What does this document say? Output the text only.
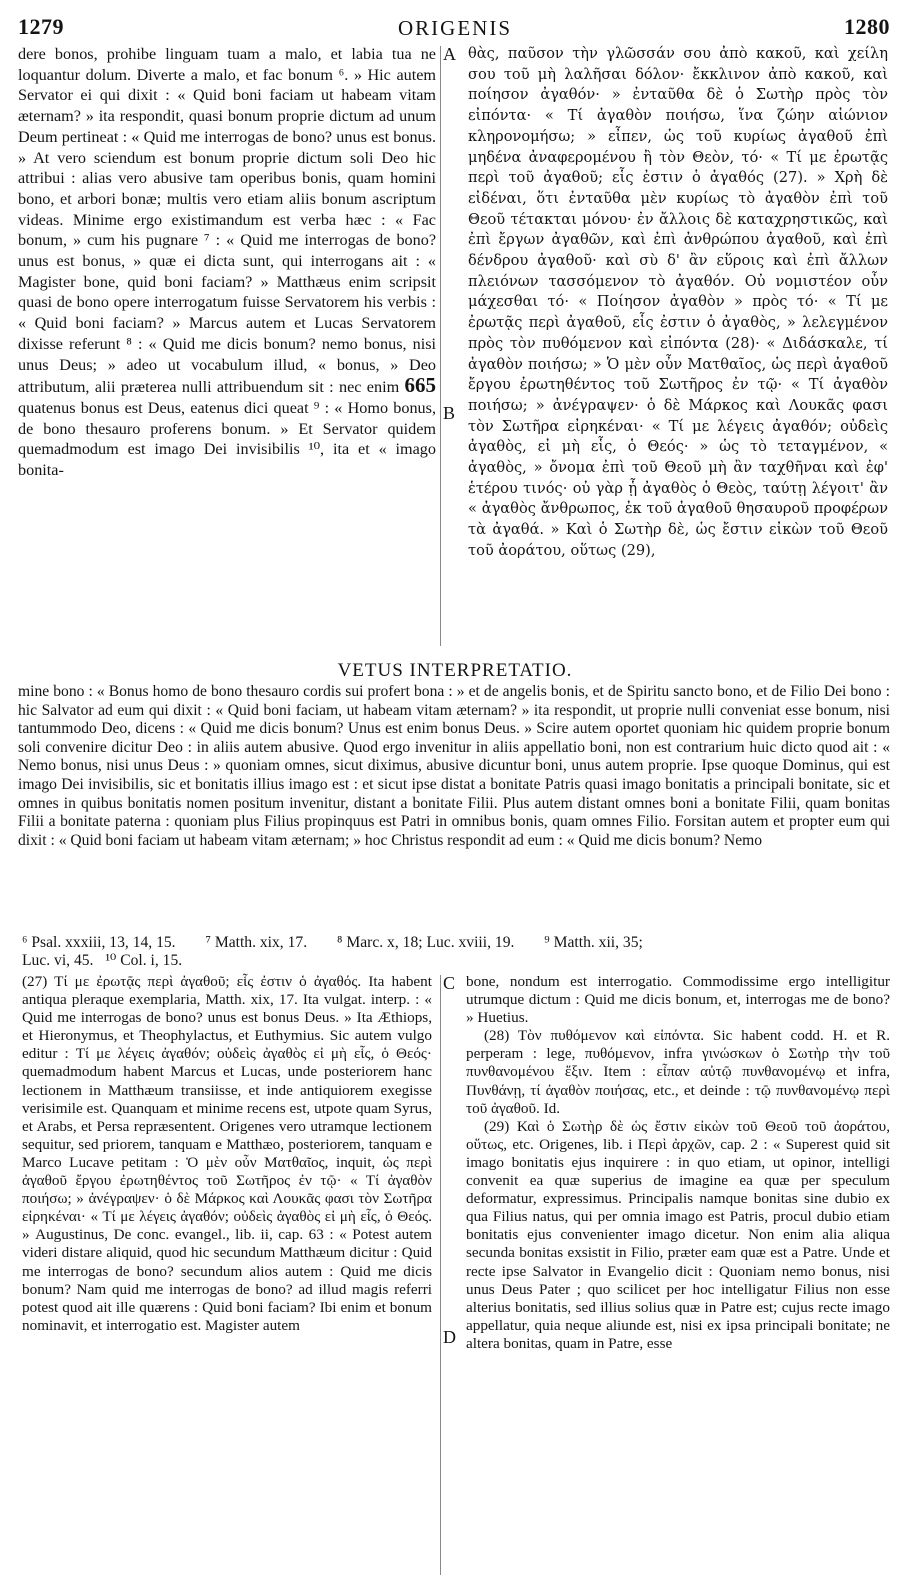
1279	ORIGENIS	1280
A
B

dere bonos, prohibe linguam tuam a malo, et labia tua ne loquantur dolum. Diverte a malo, et fac bonum ⁶. » Hic autem Servator ei qui dixit : « Quid boni faciam ut habeam vitam æternam? » ita respondit, quasi bonum proprie dictum ad unum Deum pertineat : « Quid me interrogas de bono? unus est bonus. » At vero sciendum est bonum proprie dictum soli Deo hic attribui : alias vero abusive tam operibus bonis, quam homini bono, et arbori bonæ; multis vero etiam aliis bonum ascriptum videas. Minime ergo existimandum est verba hæc : « Fac bonum, » cum his pugnare ⁷ : « Quid me interrogas de bono? unus est bonus, » quæ ei dicta sunt, qui interrogans ait : « Magister bone, quid boni faciam? » Matthæus enim scripsit quasi de bono opere interrogatum fuisse Servatorem his verbis : « Quid boni faciam? » Marcus autem et Lucas Servatorem dixisse referunt ⁸ : « Quid me dicis bonum? nemo bonus, nisi unus Deus; » adeo ut vocabulum illud, « bonus, » Deo attributum, alii præterea nulli attribuendum sit : nec enim 665 quatenus bonus est Deus, eatenus dici queat ⁹ : « Homo bonus, de bono thesauro proferens bonum. » Et Servator quidem quemadmodum est imago Dei invisibilis ¹⁰, ita et « imago bonita-

θὰς, παῦσον τὴν γλῶσσάν σου ἀπὸ κακοῦ, καὶ χείλη σου τοῦ μὴ λαλῆσαι δόλον· ἔκκλινον ἀπὸ κακοῦ, καὶ ποίησον ἀγαθόν· » ἐνταῦθα δὲ ὁ Σωτὴρ πρὸς τὸν εἰπόντα· « Τί ἀγαθὸν ποιήσω, ἵνα ζώην αἰώνιον κληρονομήσω; » εἶπεν, ὡς τοῦ κυρίως ἀγαθοῦ ἐπὶ μηδένα ἀναφερομένου ἢ τὸν Θεὸν, τό· « Τί με ἐρωτᾷς περὶ τοῦ ἀγαθοῦ; εἷς ἐστιν ὁ ἀγαθός (27). » Χρὴ δὲ εἰδέναι, ὅτι ἐνταῦθα μὲν κυρίως τὸ ἀγαθὸν ἐπὶ τοῦ Θεοῦ τέτακται μόνου· ἐν ἄλλοις δὲ καταχρηστικῶς, καὶ ἐπὶ ἔργων ἀγαθῶν, καὶ ἐπὶ ἀνθρώπου ἀγαθοῦ, καὶ ἐπὶ δένδρου ἀγαθοῦ· καὶ σὺ δ' ἂν εὕροις καὶ ἐπὶ ἄλλων πλειόνων τασσόμενον τὸ ἀγαθόν. Οὐ νομιστέον οὖν μάχεσθαι τό· « Ποίησον ἀγαθὸν » πρὸς τό· « Τί με ἐρωτᾷς περὶ ἀγαθοῦ, εἷς ἐστιν ὁ ἀγαθὸς, » λελεγμένον πρὸς τὸν πυθόμενον καὶ εἰπόντα (28)· « Διδάσκαλε, τί ἀγαθὸν ποιήσω; » Ὁ μὲν οὖν Ματθαῖος, ὡς περὶ ἀγαθοῦ ἔργου ἐρωτηθέντος τοῦ Σωτῆρος ἐν τῷ· « Τί ἀγαθὸν ποιήσω; » ἀνέγραψεν· ὁ δὲ Μάρκος καὶ Λουκᾶς φασι τὸν Σωτῆρα εἰρηκέναι· « Τί με λέγεις ἀγαθόν; οὐδεὶς ἀγαθὸς, εἰ μὴ εἷς, ὁ Θεός· » ὡς τὸ τεταγμένον, « ἀγαθὸς, » ὄνομα ἐπὶ τοῦ Θεοῦ μὴ ἂν ταχθῆναι καὶ ἐφ' ἑτέρου τινός· οὐ γὰρ ᾗ ἀγαθὸς ὁ Θεὸς, ταύτῃ λέγοιτ' ἂν « ἀγαθὸς ἄνθρωπος, ἐκ τοῦ ἀγαθοῦ θησαυροῦ προφέρων τὰ ἀγαθά. » Καὶ ὁ Σωτὴρ δὲ, ὡς ἔστιν εἰκὼν τοῦ Θεοῦ τοῦ ἀοράτου, οὕτως (29),

VETUS INTERPRETATIO.

mine bono : « Bonus homo de bono thesauro cordis sui profert bona : » et de angelis bonis, et de Spiritu sancto bono, et de Filio Dei bono : hic Salvator ad eum qui dixit : « Quid boni faciam, ut habeam vitam æternam? » ita respondit, ut proprie nulli conveniat esse bonum, nisi tantummodo Deo, dicens : « Quid me dicis bonum? Unus est enim bonus Deus. » Scire autem oportet quoniam hic quidem proprie bonum soli convenire dicitur Deo : in aliis autem abusive. Quod ergo invenitur in aliis appellatio boni, non est contrarium huic dicto quod ait : « Nemo bonus, nisi unus Deus : » quoniam omnes, sicut diximus, abusive dicuntur boni, unus autem proprie. Ipse quoque Dominus, qui est imago Dei invisibilis, sic et bonitatis illius imago est : et sicut ipse distat a bonitate Patris quasi imago bonitatis a principali bonitate, sic et omnes in quibus bonitatis nomen positum invenitur, distant a bonitate Filii. Plus autem distant omnes boni a bonitate Filii, quam bonitas Filii a bonitate paterna : quoniam plus Filius propinquus est Patri in omnibus bonis, quam omnes Filio. Forsitan autem et propter eum qui dixit : « Quid boni faciam ut habeam vitam æternam; » hoc Christus respondit ad eum : « Quid me dicis bonum? Nemo

⁶ Psal. xxxiii, 13, 14, 15. ⁷ Matth. xix, 17. ⁸ Marc. x, 18; Luc. xviii, 19. ⁹ Matth. xii, 35;
Luc. vi, 45. ¹⁰ Col. i, 15.
C
D

(27) Τί με ἐρωτᾷς περὶ ἀγαθοῦ; εἷς ἐστιν ὁ ἀγαθός. Ita habent antiqua pleraque exemplaria, Matth. xix, 17. Ita vulgat. interp. : « Quid me interrogas de bono? unus est bonus Deus. » Ita Æthiops, et Hieronymus, et Theophylactus, et Euthymius. Sic autem vulgo editur : Τί με λέγεις ἀγαθόν; οὐδεὶς ἀγαθὸς εἰ μὴ εἷς, ὁ Θεός· quemadmodum habent Marcus et Lucas, unde posteriorem hanc lectionem in Matthæum transiisse, et inde antiquiorem exegisse verisimile est. Quanquam et minime recens est, utpote quam Syrus, et Arabs, et Persa repræsentent. Origenes vero utramque lectionem sequitur, sed priorem, tanquam e Matthæo, posteriorem, tanquam e Marco Lucave petitam : Ὁ μὲν οὖν Ματθαῖος, inquit, ὡς περὶ ἀγαθοῦ ἔργου ἐρωτηθέντος τοῦ Σωτῆρος ἐν τῷ· « Τί ἀγαθὸν ποιήσω; » ἀνέγραψεν· ὁ δὲ Μάρκος καὶ Λουκᾶς φασι τὸν Σωτῆρα εἰρηκέναι· « Τί με λέγεις ἀγαθόν; οὐδεὶς ἀγαθὸς εἰ μὴ εἷς, ὁ Θεός. » Augustinus, De conc. evangel., lib. ii, cap. 63 : « Potest autem videri distare aliquid, quod hic secundum Matthæum dicitur : Quid me interrogas de bono? secundum alios autem : Quid me dicis bonum? Nam quid me interrogas de bono? ad illud magis referri potest quod ait ille quærens : Quid boni faciam? Ibi enim et bonum nominavit, et interrogatio est. Magister autem

bone, nondum est interrogatio. Commodissime ergo intelligitur utrumque dictum : Quid me dicis bonum, et, interrogas me de bono? » Huetius.

(28) Τὸν πυθόμενον καὶ εἰπόντα. Sic habent codd. H. et R. perperam : lege, πυθόμενον, infra γινώσκων ὁ Σωτὴρ τὴν τοῦ πυνθανομένου ἕξιν. Item : εἶπαν αὐτῷ πυνθανομένῳ et infra, Πυνθάνῃ, τί ἀγαθὸν ποιήσας, etc., et deinde : τῷ πυνθανομένῳ περὶ τοῦ ἀγαθοῦ. Id.

(29) Καὶ ὁ Σωτὴρ δὲ ὡς ἔστιν εἰκὼν τοῦ Θεοῦ τοῦ ἀοράτου, οὕτως, etc. Origenes, lib. i Περὶ ἀρχῶν, cap. 2 : « Superest quid sit imago bonitatis ejus inquirere : in quo etiam, ut opinor, intelligi convenit ea quæ superius de imagine ea quæ per speculum deformatur, expressimus. Principalis namque bonitas sine dubio ex qua Filius natus, qui per omnia imago est Patris, procul dubio etiam bonitatis ejus convenienter imago dicetur. Non enim alia aliqua secunda bonitas exsistit in Filio, præter eam quæ est a Patre. Unde et recte ipse Salvator in Evangelio dicit : Quoniam nemo bonus, nisi unus Deus Pater ; quo scilicet per hoc intelligatur Filius non esse alterius bonitatis, sed illius solius quæ in Patre est; cujus recte imago appellatur, quia neque aliunde est, nisi ex ipsa principali bonitate; ne altera bonitas, quam in Patre, esse
